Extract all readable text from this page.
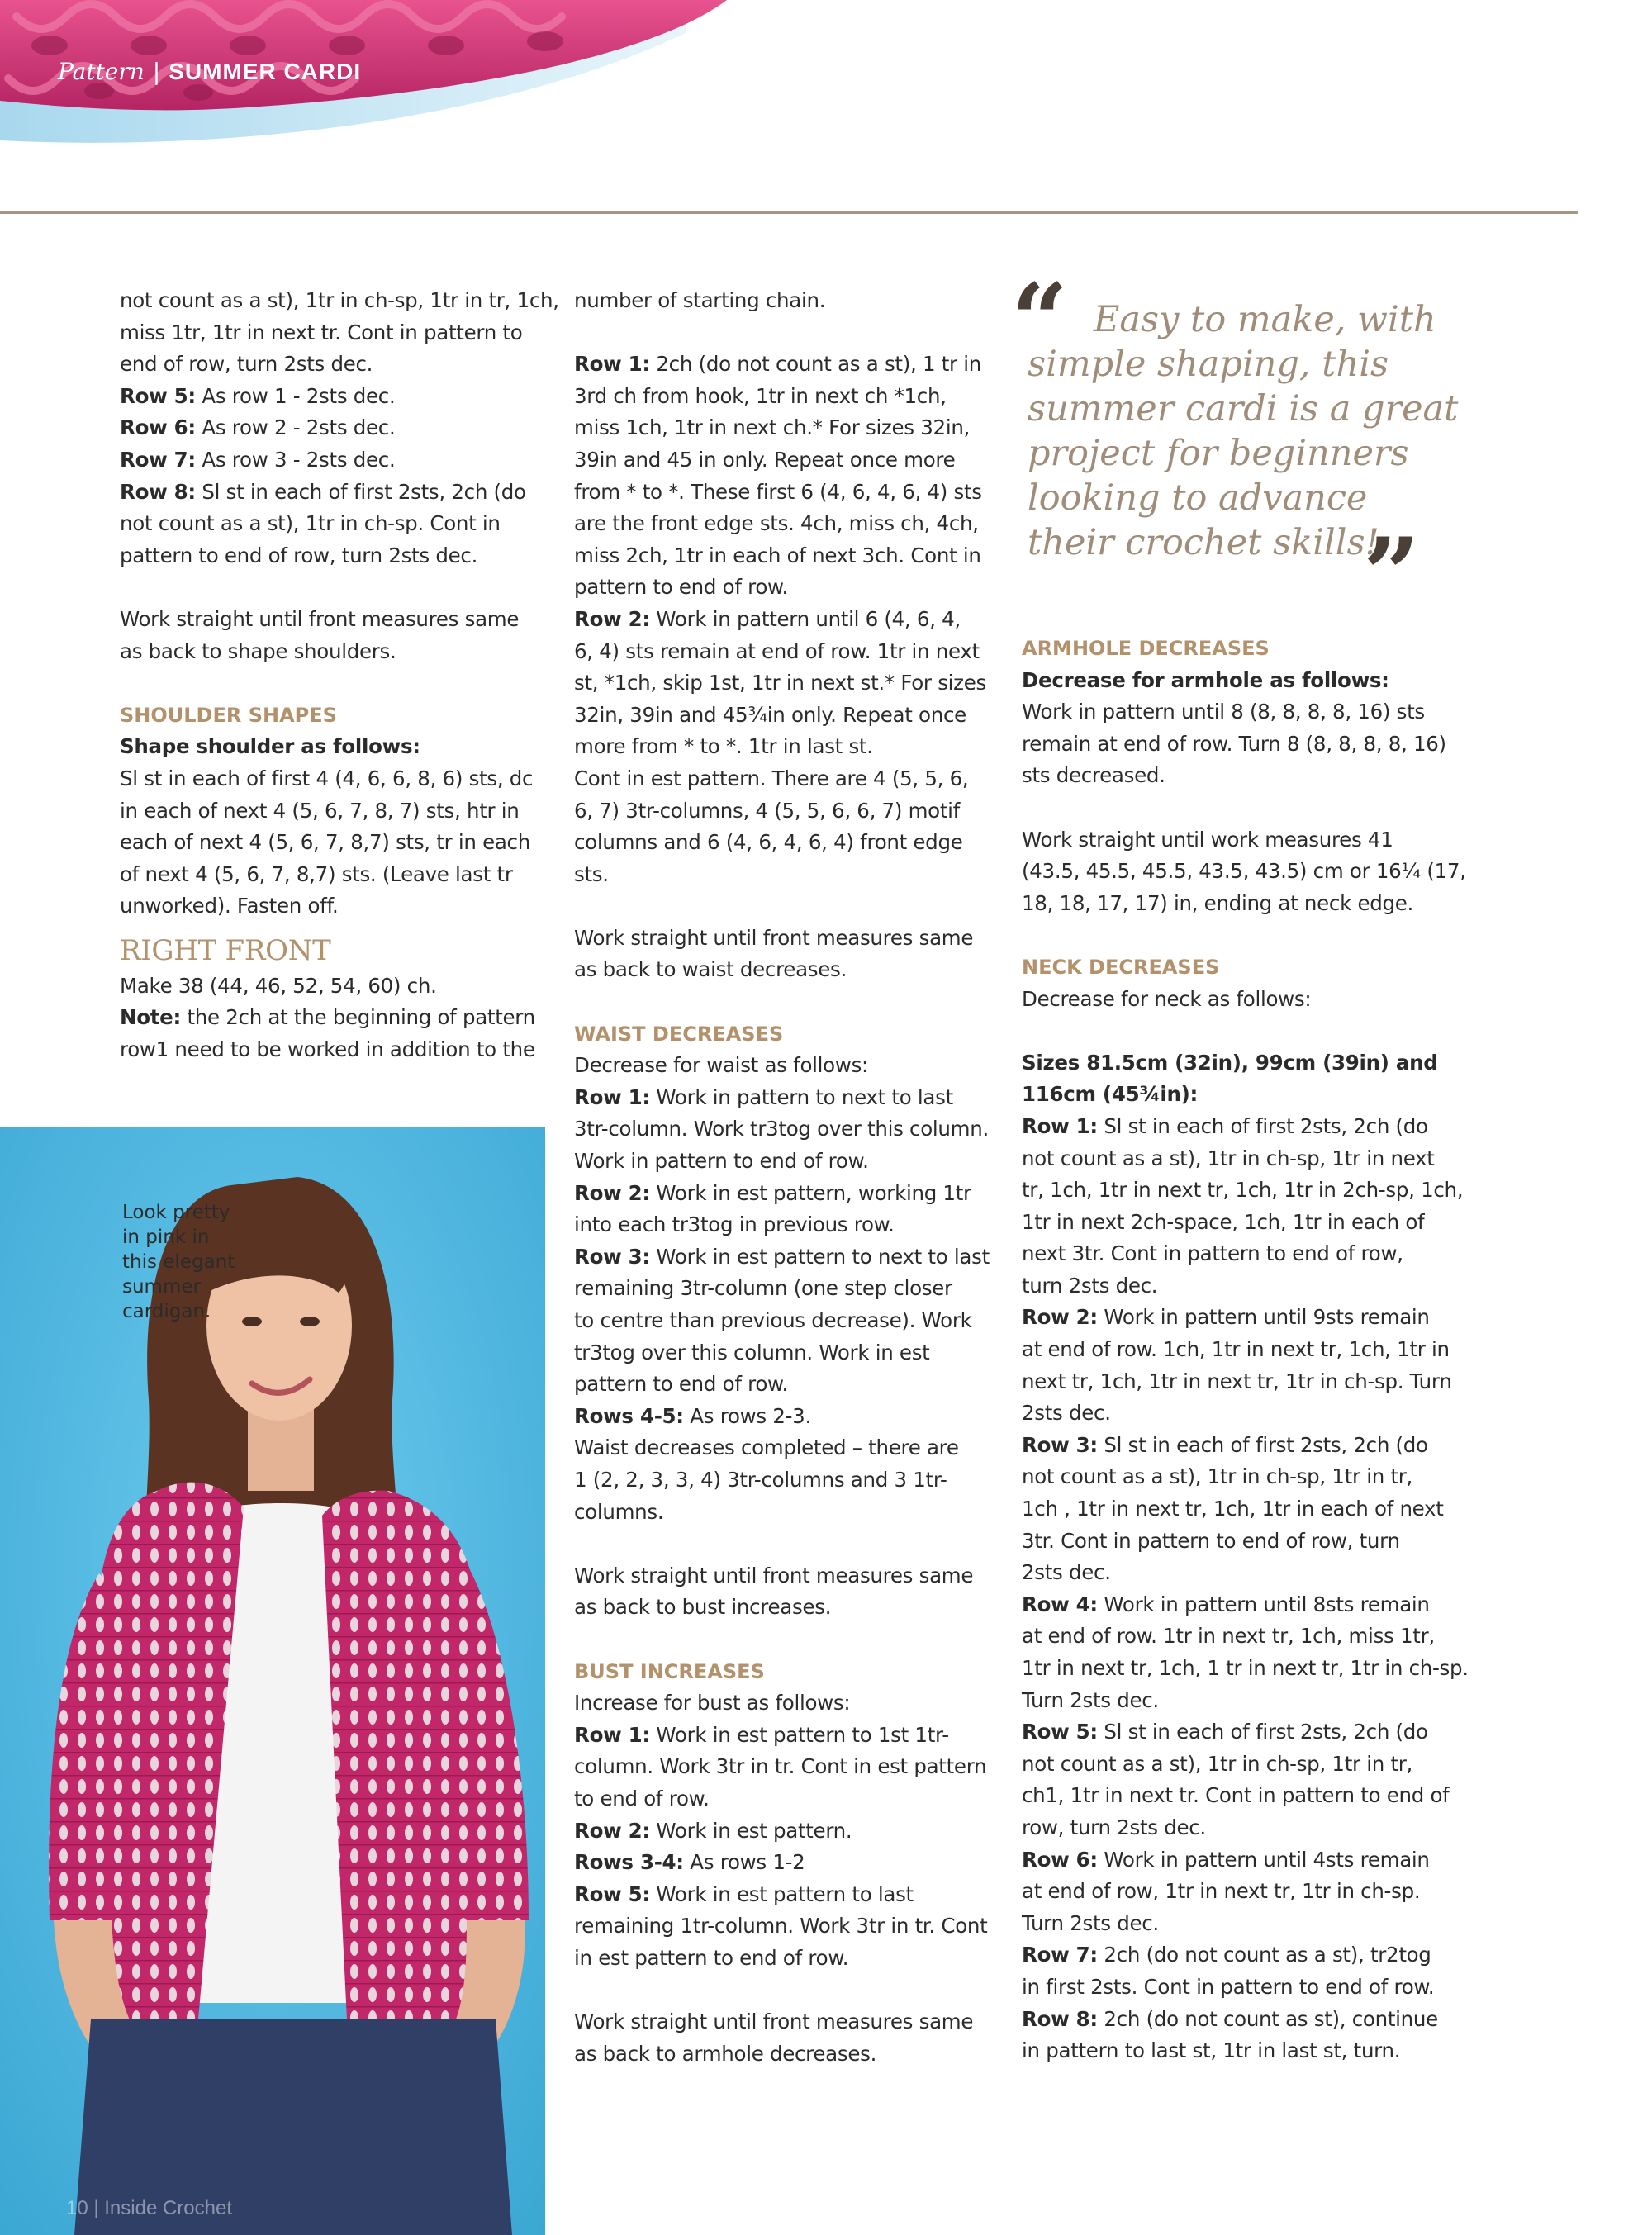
Pattern | SUMMER CARDI

not count as a st), 1tr in ch-sp, 1tr in tr, 1ch,

miss 1tr, 1tr in next tr. Cont in pattern to

end of row, turn 2sts dec.

Row 5: As row 1 - 2sts dec.

Row 6: As row 2 - 2sts dec.

Row 7: As row 3 - 2sts dec.

Row 8: Sl st in each of first 2sts, 2ch (do

not count as a st), 1tr in ch-sp. Cont in

pattern to end of row, turn 2sts dec.

Work straight until front measures same

as back to shape shoulders.

SHOULDER SHAPES

Shape shoulder as follows:

Sl st in each of first 4 (4, 6, 6, 8, 6) sts, dc

in each of next 4 (5, 6, 7, 8, 7) sts, htr in

each of next 4 (5, 6, 7, 8,7) sts, tr in each

of next 4 (5, 6, 7, 8,7) sts. (Leave last tr

unworked). Fasten off.

RIGHT FRONT

Make 38 (44, 46, 52, 54, 60) ch.

Note: the 2ch at the beginning of pattern

row1 need to be worked in addition to the

number of starting chain.

Row 1: 2ch (do not count as a st), 1 tr in

3rd ch from hook, 1tr in next ch *1ch,

miss 1ch, 1tr in next ch.* For sizes 32in,

39in and 45 in only. Repeat once more

from * to *. These first 6 (4, 6, 4, 6, 4) sts

are the front edge sts. 4ch, miss ch, 4ch,

miss 2ch, 1tr in each of next 3ch. Cont in

pattern to end of row.

Row 2: Work in pattern until 6 (4, 6, 4,

6, 4) sts remain at end of row. 1tr in next

st, *1ch, skip 1st, 1tr in next st.* For sizes

32in, 39in and 45¾in only. Repeat once

more from * to *. 1tr in last st.

Cont in est pattern. There are 4 (5, 5, 6,

6, 7) 3tr-columns, 4 (5, 5, 6, 6, 7) motif

columns and 6 (4, 6, 4, 6, 4) front edge

sts.

Work straight until front measures same

as back to waist decreases.

WAIST DECREASES

Decrease for waist as follows:

Row 1: Work in pattern to next to last

3tr-column. Work tr3tog over this column.

Work in pattern to end of row.

Row 2: Work in est pattern, working 1tr

into each tr3tog in previous row.

Row 3: Work in est pattern to next to last

remaining 3tr-column (one step closer

to centre than previous decrease). Work

tr3tog over this column. Work in est

pattern to end of row.

Rows 4-5: As rows 2-3.

Waist decreases completed – there are

1 (2, 2, 3, 3, 4) 3tr-columns and 3 1tr-

columns.

Work straight until front measures same

as back to bust increases.

BUST INCREASES

Increase for bust as follows:

Row 1: Work in est pattern to 1st 1tr-

column. Work 3tr in tr. Cont in est pattern

to end of row.

Row 2: Work in est pattern.

Rows 3-4: As rows 1-2

Row 5: Work in est pattern to last

remaining 1tr-column. Work 3tr in tr. Cont

in est pattern to end of row.

Work straight until front measures same

as back to armhole decreases.

“ Easy to make, with
simple shaping, this
summer cardi is a great
project for beginners
looking to advance
their crochet skills!
”

ARMHOLE DECREASES

Decrease for armhole as follows:

Work in pattern until 8 (8, 8, 8, 8, 16) sts

remain at end of row. Turn 8 (8, 8, 8, 8, 16)

sts decreased.

Work straight until work measures 41

(43.5, 45.5, 45.5, 43.5, 43.5) cm or 16¼ (17,

18, 18, 17, 17) in, ending at neck edge.

NECK DECREASES

Decrease for neck as follows:

Sizes 81.5cm (32in), 99cm (39in) and

116cm (45¾in):

Row 1: Sl st in each of first 2sts, 2ch (do

not count as a st), 1tr in ch-sp, 1tr in next

tr, 1ch, 1tr in next tr, 1ch, 1tr in 2ch-sp, 1ch,

1tr in next 2ch-space, 1ch, 1tr in each of

next 3tr. Cont in pattern to end of row,

turn 2sts dec.

Row 2: Work in pattern until 9sts remain

at end of row. 1ch, 1tr in next tr, 1ch, 1tr in

next tr, 1ch, 1tr in next tr, 1tr in ch-sp. Turn

2sts dec.

Row 3: Sl st in each of first 2sts, 2ch (do

not count as a st), 1tr in ch-sp, 1tr in tr,

1ch , 1tr in next tr, 1ch, 1tr in each of next

3tr. Cont in pattern to end of row, turn

2sts dec.

Row 4: Work in pattern until 8sts remain

at end of row. 1tr in next tr, 1ch, miss 1tr,

1tr in next tr, 1ch, 1 tr in next tr, 1tr in ch-sp.

Turn 2sts dec.

Row 5: Sl st in each of first 2sts, 2ch (do

not count as a st), 1tr in ch-sp, 1tr in tr,

ch1, 1tr in next tr. Cont in pattern to end of

row, turn 2sts dec.

Row 6: Work in pattern until 4sts remain

at end of row, 1tr in next tr, 1tr in ch-sp.

Turn 2sts dec.

Row 7: 2ch (do not count as a st), tr2tog

in first 2sts. Cont in pattern to end of row.

Row 8: 2ch (do not count as st), continue

in pattern to last st, 1tr in last st, turn.

Look pretty
in pink in
this elegant
summer
cardigan.
10 | Inside Crochet
